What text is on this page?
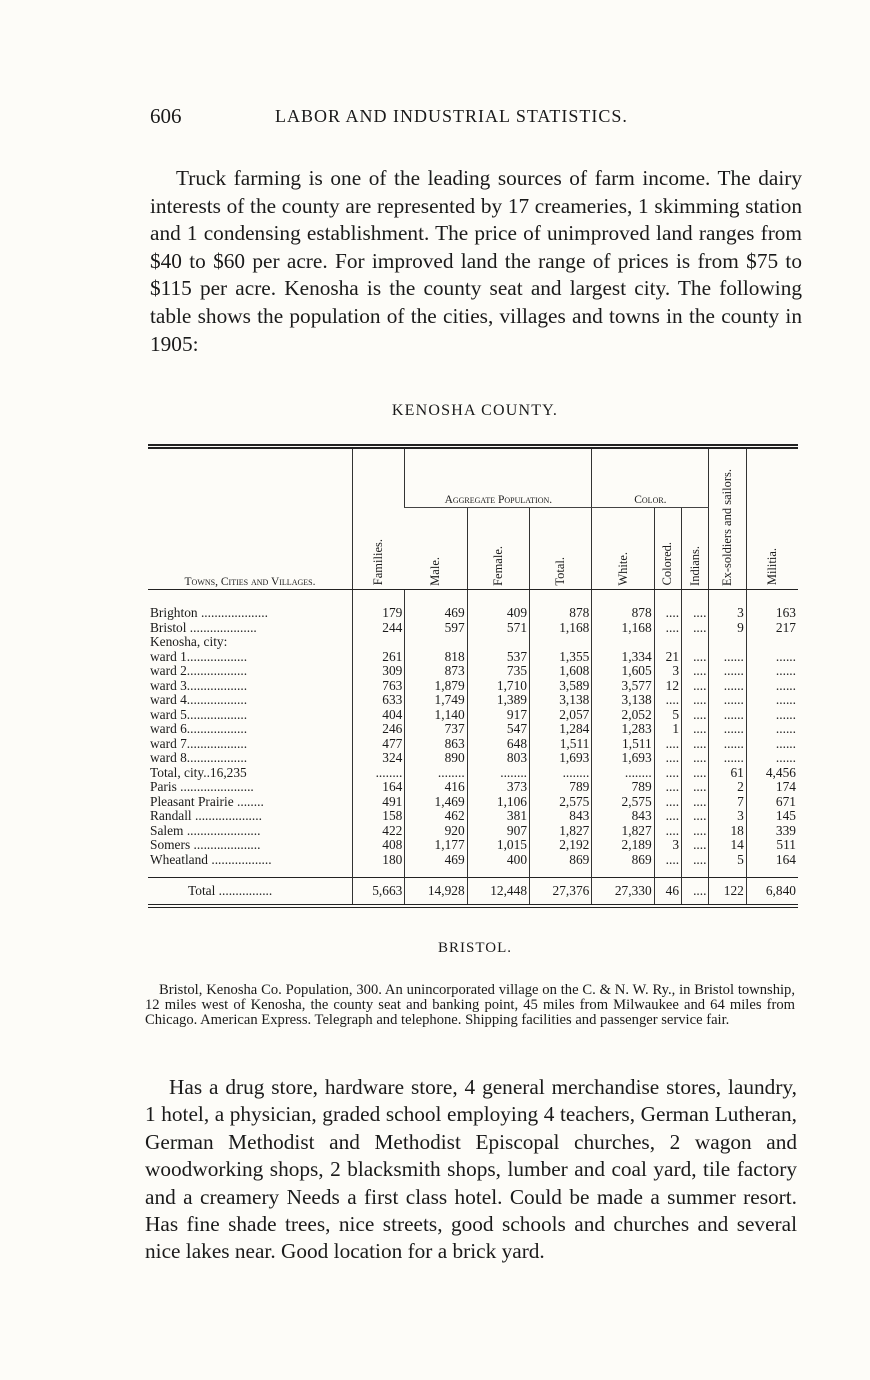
606	LABOR AND INDUSTRIAL STATISTICS.

Truck farming is one of the leading sources of farm income. The dairy interests of the county are represented by 17 creameries, 1 skimming station and 1 condensing establishment. The price of unimproved land ranges from $40 to $60 per acre. For improved land the range of prices is from $75 to $115 per acre. Kenosha is the county seat and largest city. The following table shows the population of the cities, villages and towns in the county in 1905:

KENOSHA COUNTY.
Towns, Cities and Villages.	Families.	Aggregate Population.			Color.			Ex-soldiers and sailors.	Militia.
		Male.	Female.	Total.	White.	Colored.	Indians.		
Brighton ....................	179	469	409	878	878	....	....	3	163
Bristol ....................	244	597	571	1,168	1,168	....	....	9	217
Kenosha, city:									
ward 1..................	261	818	537	1,355	1,334	21	....	......	......
ward 2..................	309	873	735	1,608	1,605	3	....	......	......
ward 3..................	763	1,879	1,710	3,589	3,577	12	....	......	......
ward 4..................	633	1,749	1,389	3,138	3,138	....	....	......	......
ward 5..................	404	1,140	917	2,057	2,052	5	....	......	......
ward 6..................	246	737	547	1,284	1,283	1	....	......	......
ward 7..................	477	863	648	1,511	1,511	....	....	......	......
ward 8..................	324	890	803	1,693	1,693	....	....	......	......
Total, city..16,235	........	........	........	........	........	....	....	61	4,456
Paris ......................	164	416	373	789	789	....	....	2	174
Pleasant Prairie ........	491	1,469	1,106	2,575	2,575	....	....	7	671
Randall ....................	158	462	381	843	843	....	....	3	145
Salem ......................	422	920	907	1,827	1,827	....	....	18	339
Somers ....................	408	1,177	1,015	2,192	2,189	3	....	14	511
Wheatland ..................	180	469	400	869	869	....	....	5	164
Total ................	5,663	14,928	12,448	27,376	27,330	46	....	122	6,840
BRISTOL.

Bristol, Kenosha Co. Population, 300. An unincorporated village on the C. & N. W. Ry., in Bristol township, 12 miles west of Kenosha, the county seat and banking point, 45 miles from Milwaukee and 64 miles from Chicago. American Express. Telegraph and telephone. Shipping facilities and passenger service fair.

Has a drug store, hardware store, 4 general merchandise stores, laundry, 1 hotel, a physician, graded school employing 4 teachers, German Lutheran, German Methodist and Methodist Episcopal churches, 2 wagon and woodworking shops, 2 blacksmith shops, lumber and coal yard, tile factory and a creamery Needs a first class hotel. Could be made a summer resort. Has fine shade trees, nice streets, good schools and churches and several nice lakes near. Good location for a brick yard.
